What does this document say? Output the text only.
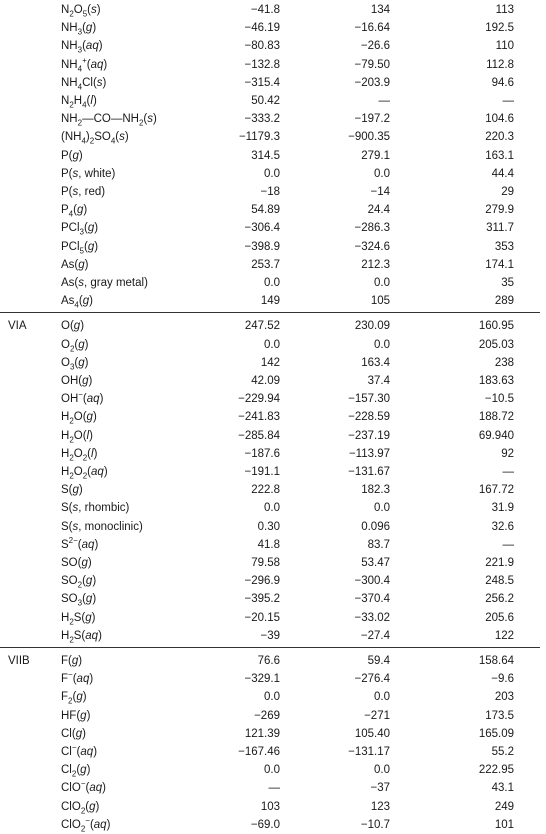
$N_2O_5(s)$	−41.8	134	113
$NH_3(g)$	−46.19	−16.64	192.5
$NH_3(aq)$	−80.83	−26.6	110
$NH_4^+(aq)$	−132.8	−79.50	112.8
$NH_4Cl(s)$	−315.4	−203.9	94.6
$N_2H_4(l)$	50.42	—	—
$NH_2—CO—NH_2(s)$	−333.2	−197.2	104.6
$(NH_4)_2SO_4(s)$	−1179.3	−900.35	220.3
P(g)	314.5	279.1	163.1
P(s, white)	0.0	0.0	44.4
P(s, red)	−18	−14	29
$P_4(g)$	54.89	24.4	279.9
PCl$_3$(g)	−306.4	−286.3	311.7
PCl$_5$(g)	−398.9	−324.6	353
As(g)	253.7	212.3	174.1
As(s, gray metal)	0.0	0.0	35
$As_4(g)$	149	105	289
VIA	O(g)	247.52	230.09	160.95
$O_2(g)$	0.0	0.0	205.03
$O_3(g)$	142	163.4	238
OH(g)	42.09	37.4	183.63
OH−(aq)	−229.94	−157.30	−10.5
$H_2O(g)$	−241.83	−228.59	188.72
$H_2O(l)$	−285.84	−237.19	69.940
$H_2O_2(l)$	−187.6	−113.97	92
$H_2O_2(aq)$	−191.1	−131.67	—
S(g)	222.8	182.3	167.72
S(s, rhombic)	0.0	0.0	31.9
S(s, monoclinic)	0.30	0.096	32.6
$S^{2-}(aq)$	41.8	83.7	—
SO(g)	79.58	53.47	221.9
$SO_2(g)$	−296.9	−300.4	248.5
$SO_3(g)$	−395.2	−370.4	256.2
$H_2S(g)$	−20.15	−33.02	205.6
$H_2S(aq)$	−39	−27.4	122
VIIB	F(g)	76.6	59.4	158.64
F−(aq)	−329.1	−276.4	−9.6
$F_2(g)$	0.0	0.0	203
HF(g)	−269	−271	173.5
Cl(g)	121.39	105.40	165.09
Cl−(aq)	−167.46	−131.17	55.2
$Cl_2(g)$	0.0	0.0	222.95
ClO−(aq)	—	−37	43.1
ClO$_2$(g)	103	123	249
ClO$_2$−(aq)	−69.0	−10.7	101
